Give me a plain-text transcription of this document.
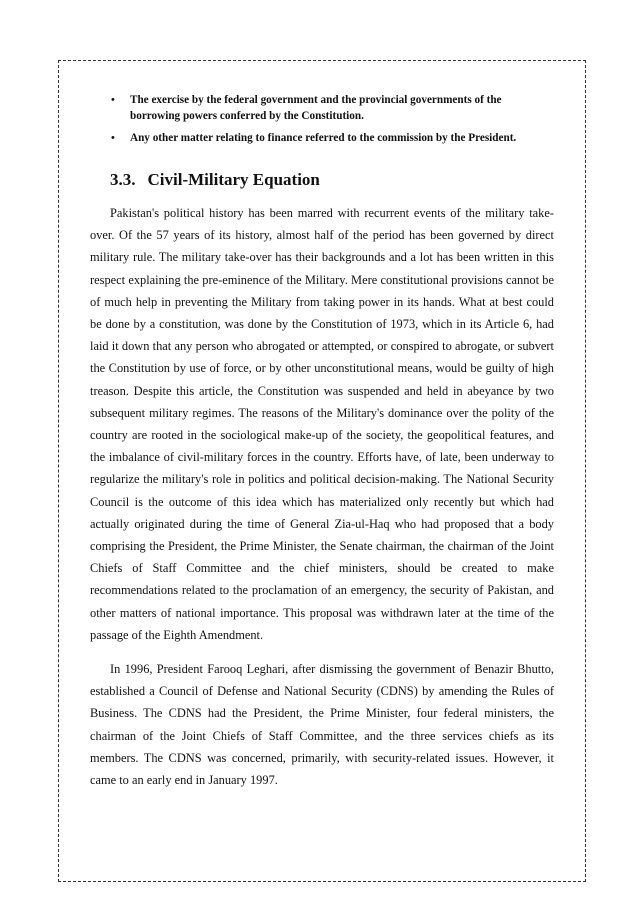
• The exercise by the federal government and the provincial governments of the borrowing powers conferred by the Constitution.
• Any other matter relating to finance referred to the commission by the President.
3.3. Civil-Military Equation

Pakistan's political history has been marred with recurrent events of the military take-over. Of the 57 years of its history, almost half of the period has been governed by direct military rule. The military take-over has their backgrounds and a lot has been written in this respect explaining the pre-eminence of the Military. Mere constitutional provisions cannot be of much help in preventing the Military from taking power in its hands. What at best could be done by a constitution, was done by the Constitution of 1973, which in its Article 6, had laid it down that any person who abrogated or attempted, or conspired to abrogate, or subvert the Constitution by use of force, or by other unconstitutional means, would be guilty of high treason. Despite this article, the Constitution was suspended and held in abeyance by two subsequent military regimes. The reasons of the Military's dominance over the polity of the country are rooted in the sociological make-up of the society, the geopolitical features, and the imbalance of civil-military forces in the country. Efforts have, of late, been underway to regularize the military's role in politics and political decision-making. The National Security Council is the outcome of this idea which has materialized only recently but which had actually originated during the time of General Zia-ul-Haq who had proposed that a body comprising the President, the Prime Minister, the Senate chairman, the chairman of the Joint Chiefs of Staff Committee and the chief ministers, should be created to make recommendations related to the proclamation of an emergency, the security of Pakistan, and other matters of national importance. This proposal was withdrawn later at the time of the passage of the Eighth Amendment.

In 1996, President Farooq Leghari, after dismissing the government of Benazir Bhutto, established a Council of Defense and National Security (CDNS) by amending the Rules of Business. The CDNS had the President, the Prime Minister, four federal ministers, the chairman of the Joint Chiefs of Staff Committee, and the three services chiefs as its members. The CDNS was concerned, primarily, with security-related issues. However, it came to an early end in January 1997.
